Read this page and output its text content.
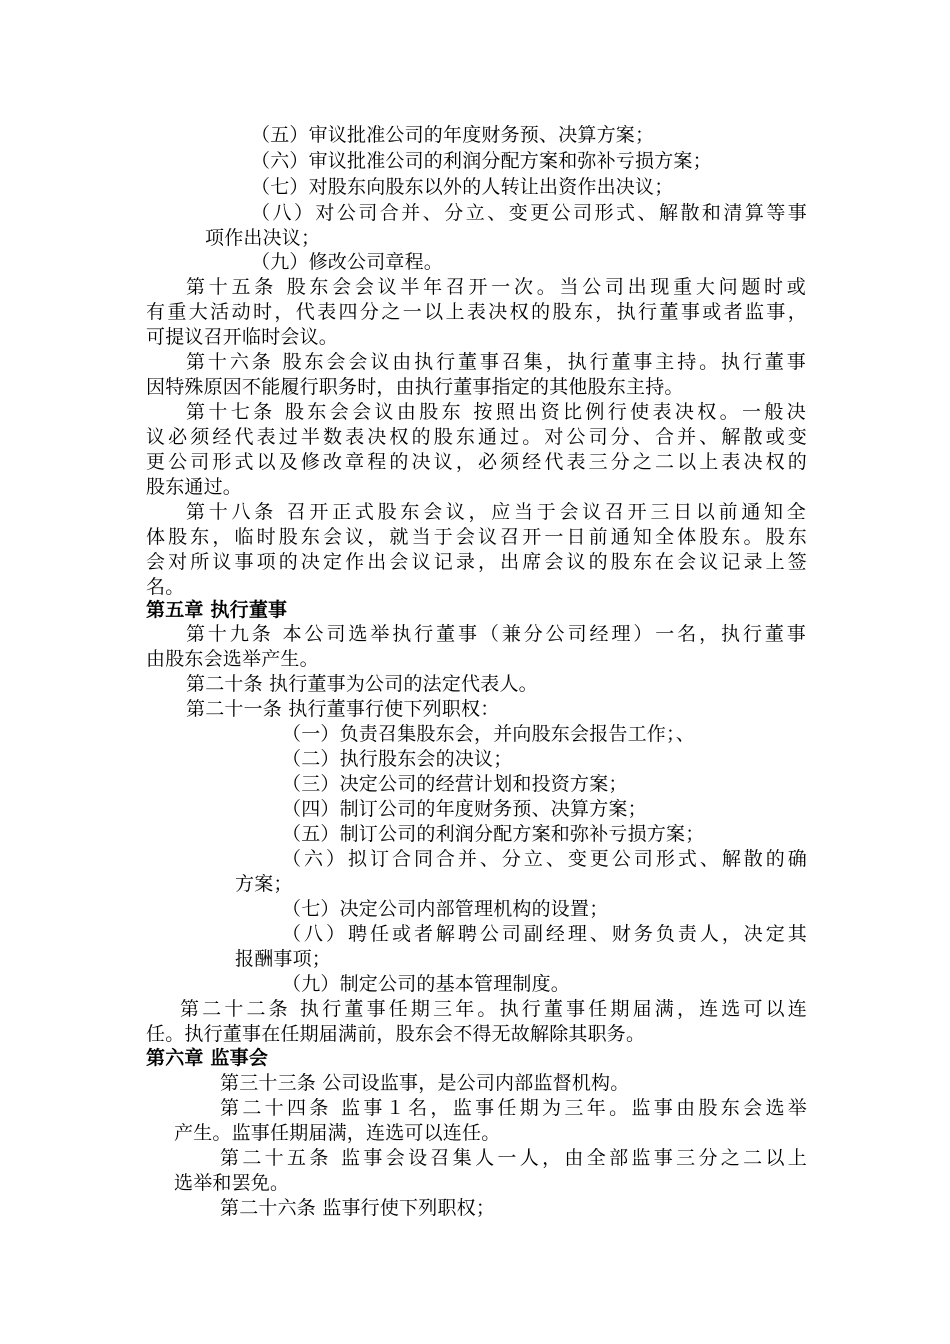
（五）审议批准公司的年度财务预、决算方案；
（六）审议批准公司的利润分配方案和弥补亏损方案；
（七）对股东向股东以外的人转让出资作出决议；
（八）对公司合并、分立、变更公司形式、解散和清算等事
项作出决议；
（九）修改公司章程。
第十五条 股东会会议半年召开一次。当公司出现重大问题时或
有重大活动时，代表四分之一以上表决权的股东，执行董事或者监事，
可提议召开临时会议。
第十六条 股东会会议由执行董事召集，执行董事主持。执行董事
因特殊原因不能履行职务时，由执行董事指定的其他股东主持。
第十七条 股东会会议由股东 按照出资比例行使表决权。一般决
议必须经代表过半数表决权的股东通过。对公司分、合并、解散或变
更公司形式以及修改章程的决议，必须经代表三分之二以上表决权的
股东通过。
第十八条 召开正式股东会议，应当于会议召开三日以前通知全
体股东，临时股东会议，就当于会议召开一日前通知全体股东。股东
会对所议事项的决定作出会议记录，出席会议的股东在会议记录上签
名。
第五章 执行董事
第十九条 本公司选举执行董事（兼分公司经理）一名，执行董事
由股东会选举产生。
第二十条 执行董事为公司的法定代表人。
第二十一条 执行董事行使下列职权：
（一）负责召集股东会，并向股东会报告工作；、
（二）执行股东会的决议；
（三）决定公司的经营计划和投资方案；
（四）制订公司的年度财务预、决算方案；
（五）制订公司的利润分配方案和弥补亏损方案；
（六）拟订合同合并、分立、变更公司形式、解散的确
方案；
（七）决定公司内部管理机构的设置；
（八）聘任或者解聘公司副经理、财务负责人，决定其
报酬事项；
（九）制定公司的基本管理制度。
第二十二条 执行董事任期三年。执行董事任期届满，连选可以连
任。执行董事在任期届满前，股东会不得无故解除其职务。
第六章 监事会
第三十三条 公司设监事，是公司内部监督机构。
第二十四条 监事１名，监事任期为三年。监事由股东会选举
产生。监事任期届满，连选可以连任。
第二十五条 监事会设召集人一人，由全部监事三分之二以上
选举和罢免。
第二十六条 监事行使下列职权；
